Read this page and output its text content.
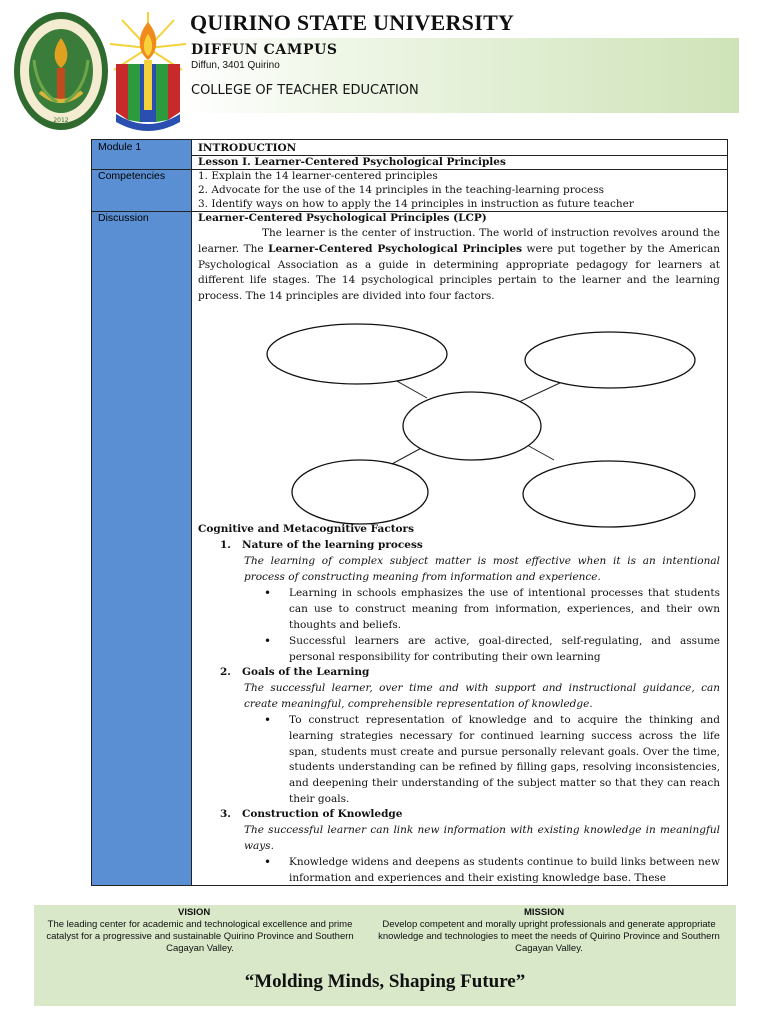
2012
QUIRINO STATE UNIVERSITY
DIFFUN CAMPUS
Diffun, 3401 Quirino
COLLEGE OF TEACHER EDUCATION
Module 1	INTRODUCTION
Lesson I. Learner-Centered Psychological Principles
Competencies	1. Explain the 14 learner-centered principles
2. Advocate for the use of the 14 principles in the teaching-learning process
3. Identify ways on how to apply the 14 principles in instruction as future teacher
Discussion	Learner-Centered Psychological Principles (LCP)
The learner is the center of instruction. The world of instruction revolves around the learner. The Learner-Centered Psychological Principles were put together by the American Psychological Association as a guide in determining appropriate pedagogy for learners at different life stages. The 14 psychological principles pertain to the learner and the learning process. The 14 principles are divided into four factors.
Cognitive and Metacognitive Factors
1. Nature of the learning process
The learning of complex subject matter is most effective when it is an intentional process of constructing meaning from information and experience.
• Learning in schools emphasizes the use of intentional processes that students can use to construct meaning from information, experiences, and their own thoughts and beliefs.
• Successful learners are active, goal-directed, self-regulating, and assume personal responsibility for contributing their own learning
2. Goals of the Learning
The successful learner, over time and with support and instructional guidance, can create meaningful, comprehensible representation of knowledge.
• To construct representation of knowledge and to acquire the thinking and learning strategies necessary for continued learning success across the life span, students must create and pursue personally relevant goals. Over the time, students understanding can be refined by filling gaps, resolving inconsistencies, and deepening their understanding of the subject matter so that they can reach their goals.
3. Construction of Knowledge
The successful learner can link new information with existing knowledge in meaningful ways.
• Knowledge widens and deepens as students continue to build links between new information and experiences and their existing knowledge base. These
VISION
The leading center for academic and technological excellence and prime catalyst for a progressive and sustainable Quirino Province and Southern Cagayan Valley.
MISSION
Develop competent and morally upright professionals and generate appropriate knowledge and technologies to meet the needs of Quirino Province and Southern Cagayan Valley.
“Molding Minds, Shaping Future”
